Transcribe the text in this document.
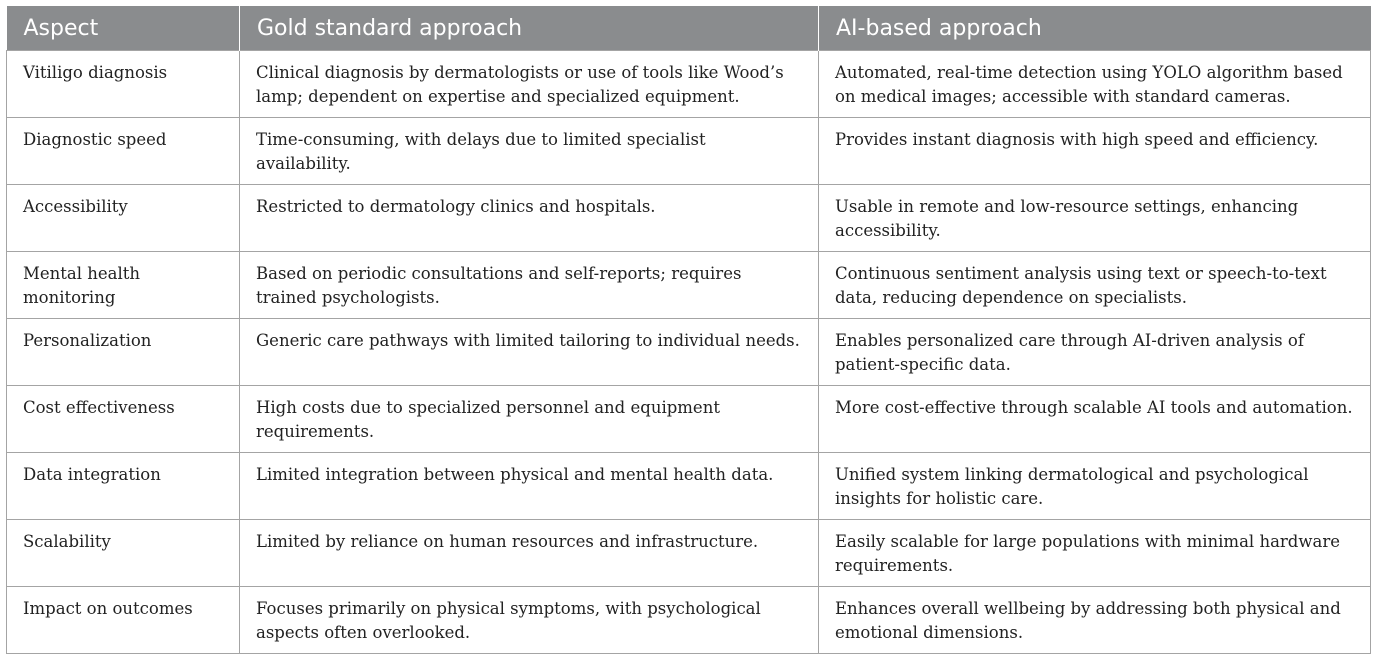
Aspect	Gold standard approach	AI-based approach
Vitiligo diagnosis	Clinical diagnosis by dermatologists or use of tools like Wood’s lamp; dependent on expertise and specialized equipment.	Automated, real-time detection using YOLO algorithm based on medical images; accessible with standard cameras.
Diagnostic speed	Time-consuming, with delays due to limited specialist availability.	Provides instant diagnosis with high speed and efficiency.
Accessibility	Restricted to dermatology clinics and hospitals.	Usable in remote and low-resource settings, enhancing accessibility.
Mental health monitoring	Based on periodic consultations and self-reports; requires trained psychologists.	Continuous sentiment analysis using text or speech-to-text data, reducing dependence on specialists.
Personalization	Generic care pathways with limited tailoring to individual needs.	Enables personalized care through AI-driven analysis of patient-specific data.
Cost effectiveness	High costs due to specialized personnel and equipment requirements.	More cost-effective through scalable AI tools and automation.
Data integration	Limited integration between physical and mental health data.	Unified system linking dermatological and psychological insights for holistic care.
Scalability	Limited by reliance on human resources and infrastructure.	Easily scalable for large populations with minimal hardware requirements.
Impact on outcomes	Focuses primarily on physical symptoms, with psychological aspects often overlooked.	Enhances overall wellbeing by addressing both physical and emotional dimensions.
